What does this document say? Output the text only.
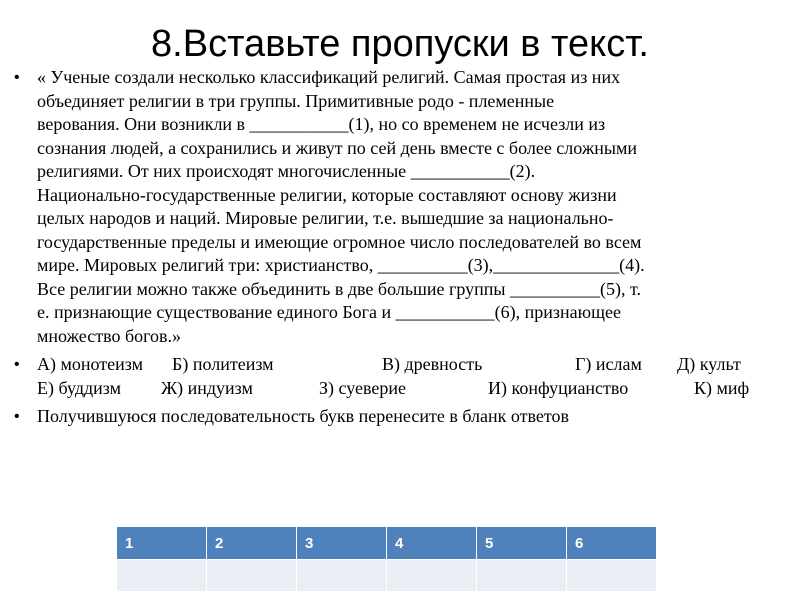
8.Вставьте пропуски в текст.
• « Ученые создали несколько классификаций религий. Самая простая из них
объединяет религии в три группы. Примитивные родо - племенные
верования. Они возникли в ___________(1), но со временем не исчезли из
сознания людей, а сохранились и живут по сей день вместе с более сложными
религиями. От них происходят многочисленные ___________(2).
Национально-государственные религии, которые составляют основу жизни
целых народов и наций. Мировые религии, т.е. вышедшие за национально-
государственные пределы и имеющие огромное число последователей во всем
мире. Мировых религий три: христианство, __________(3),______________(4).
Все религии можно также объединить в две большие группы __________(5), т.
е. признающие существование единого Бога и ___________(6), признающее
множество богов.»
• А) монотеизм Б) политеизм	В) древность	Г) ислам Д) культ
Е) буддизм Ж) индуизм	З) суеверие	И) конфуцианство	К) миф
• Получившуюся последовательность букв перенесите в бланк ответов
1	2	3	4	5	6
